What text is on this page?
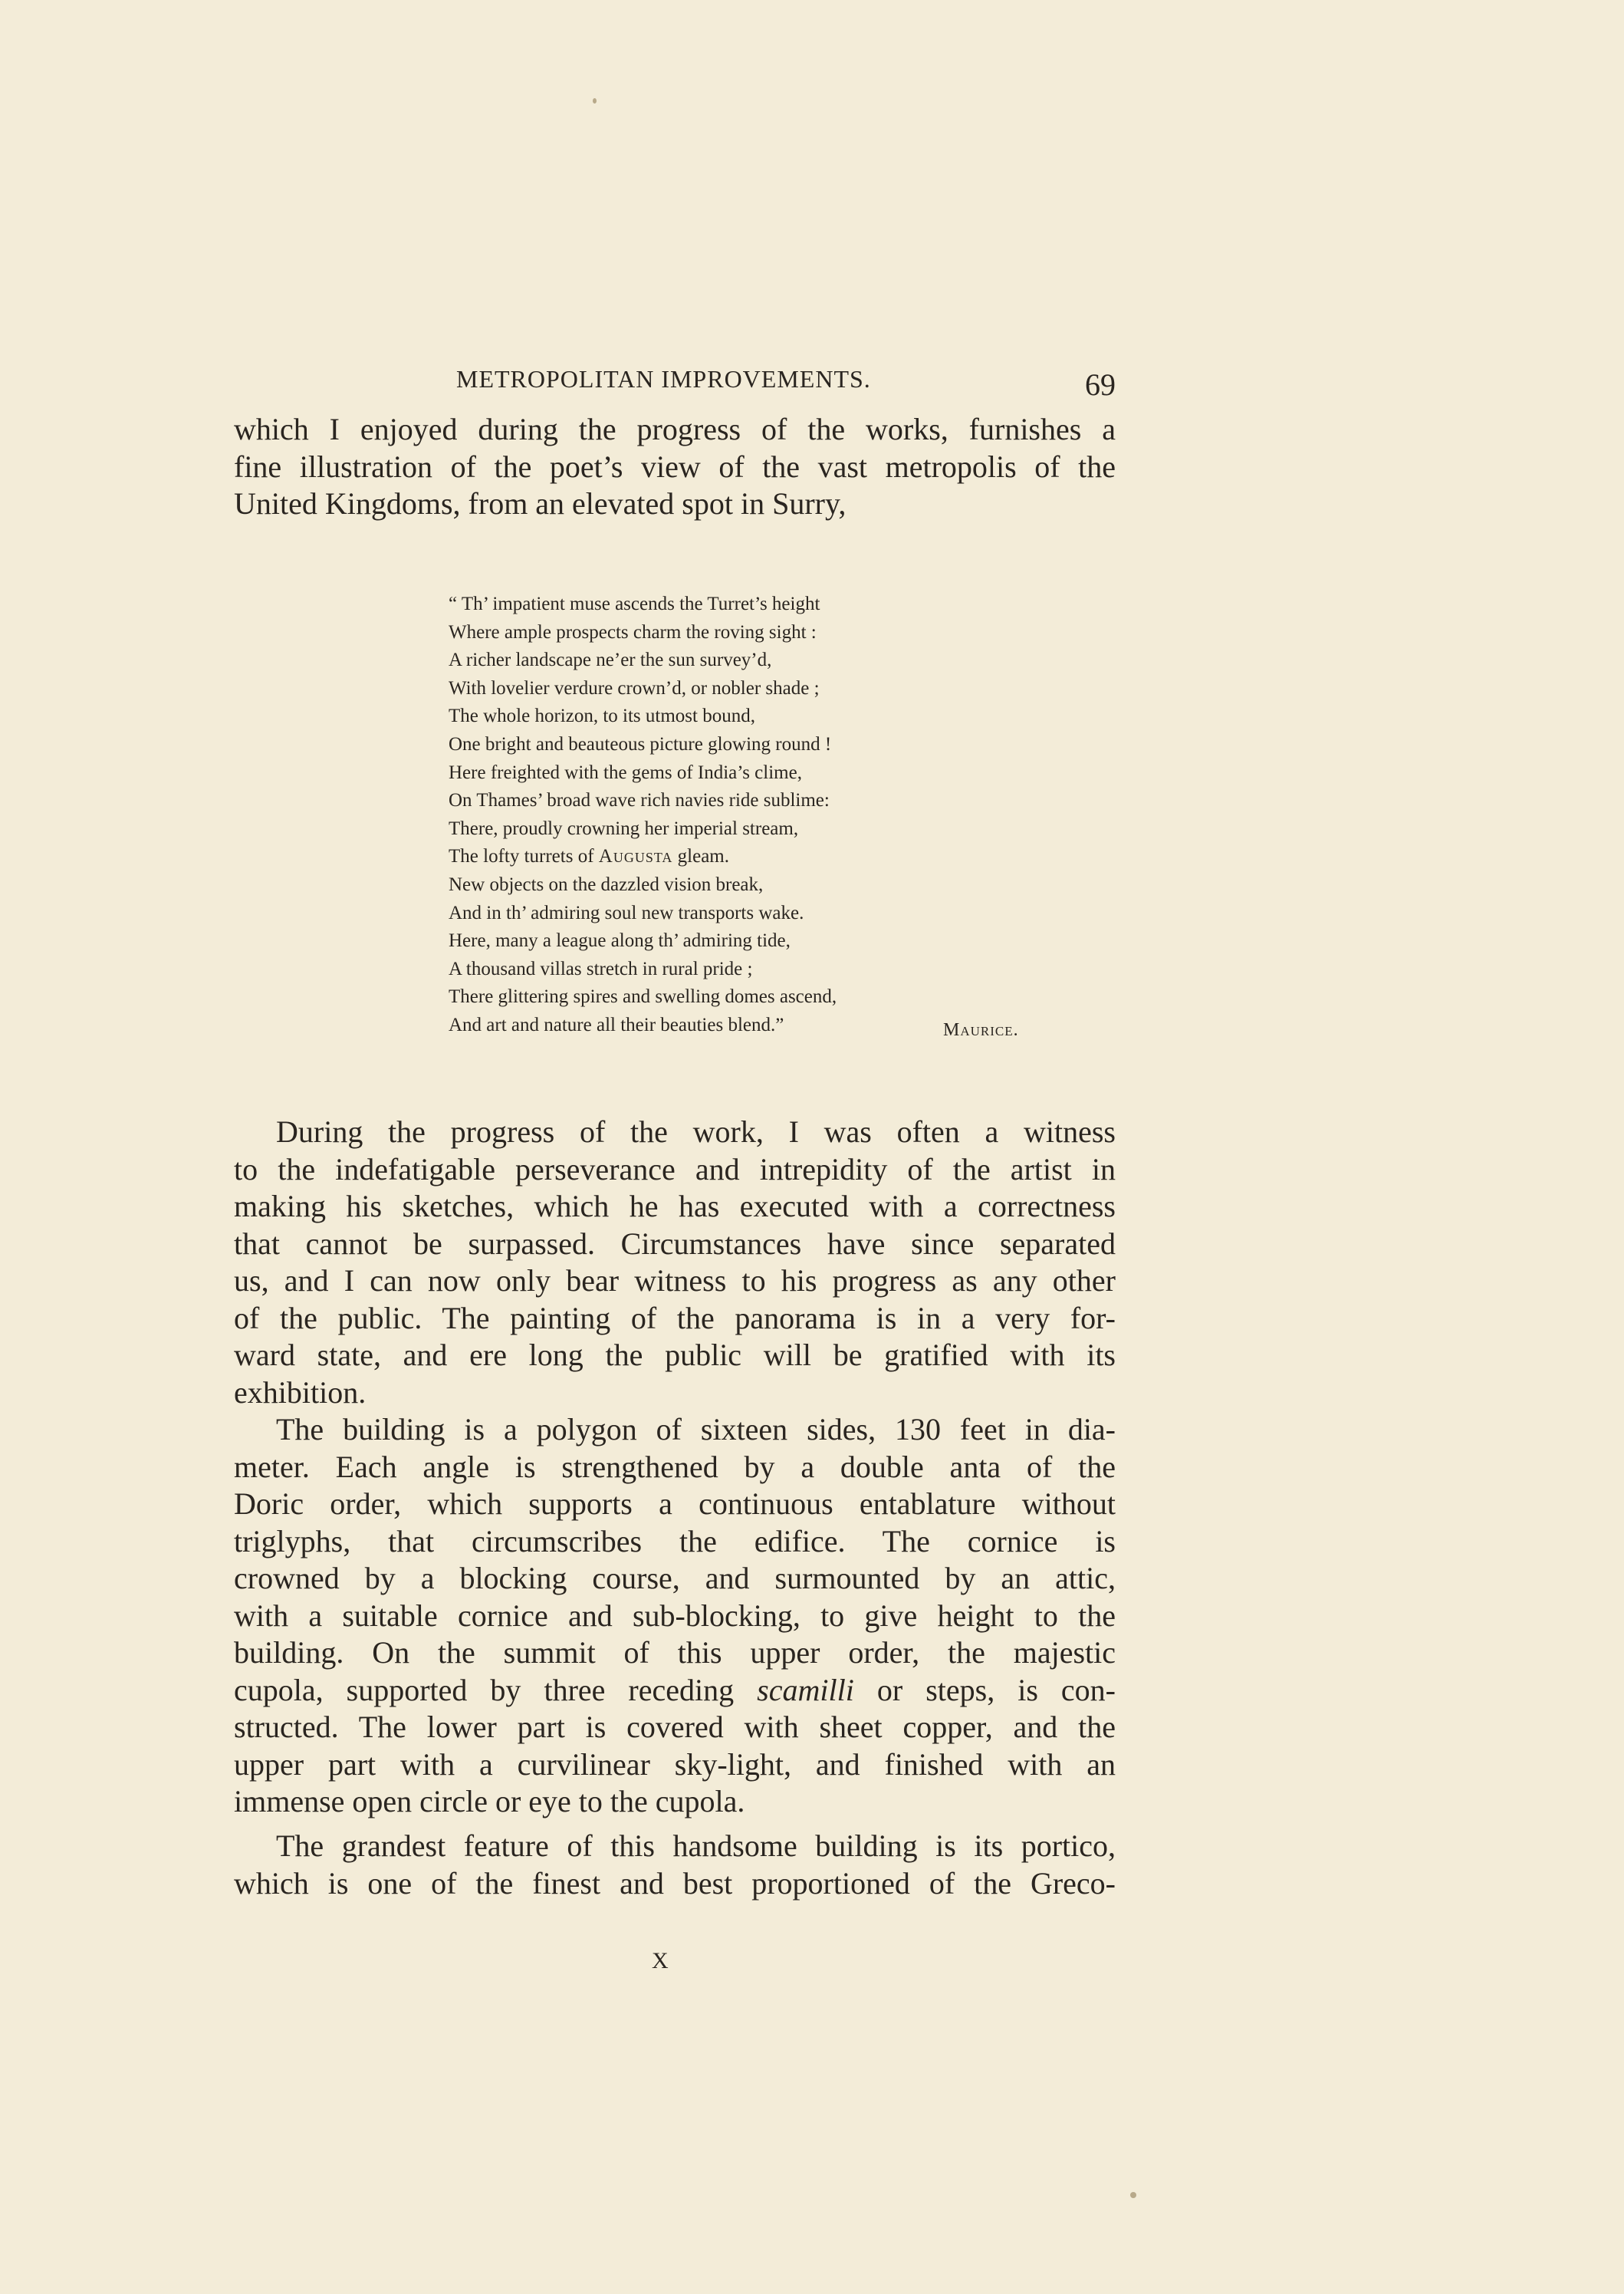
METROPOLITAN IMPROVEMENTS.	69

which I enjoyed during the progress of the works, furnishes a
fine illustration of the poet’s view of the vast metropolis of the
United Kingdoms, from an elevated spot in Surry,

“ Th’ impatient muse ascends the Turret’s height
Where ample prospects charm the roving sight :
A richer landscape ne’er the sun survey’d,
With lovelier verdure crown’d, or nobler shade ;
The whole horizon, to its utmost bound,
One bright and beauteous picture glowing round !
Here freighted with the gems of India’s clime,
On Thames’ broad wave rich navies ride sublime:
There, proudly crowning her imperial stream,
The lofty turrets of Augusta gleam.
New objects on the dazzled vision break,
And in th’ admiring soul new transports wake.
Here, many a league along th’ admiring tide,
A thousand villas stretch in rural pride ;
There glittering spires and swelling domes ascend,
And art and nature all their beauties blend.”	Maurice.

During the progress of the work, I was often a witness
to the indefatigable perseverance and intrepidity of the artist in
making his sketches, which he has executed with a correctness
that cannot be surpassed. Circumstances have since separated
us, and I can now only bear witness to his progress as any other
of the public. The painting of the panorama is in a very for-
ward state, and ere long the public will be gratified with its
exhibition.

The building is a polygon of sixteen sides, 130 feet in dia-
meter. Each angle is strengthened by a double anta of the
Doric order, which supports a continuous entablature without
triglyphs, that circumscribes the edifice. The cornice is
crowned by a blocking course, and surmounted by an attic,
with a suitable cornice and sub-blocking, to give height to the
building. On the summit of this upper order, the majestic
cupola, supported by three receding scamilli or steps, is con-
structed. The lower part is covered with sheet copper, and the
upper part with a curvilinear sky-light, and finished with an
immense open circle or eye to the cupola.

The grandest feature of this handsome building is its portico,
which is one of the finest and best proportioned of the Greco-

X
